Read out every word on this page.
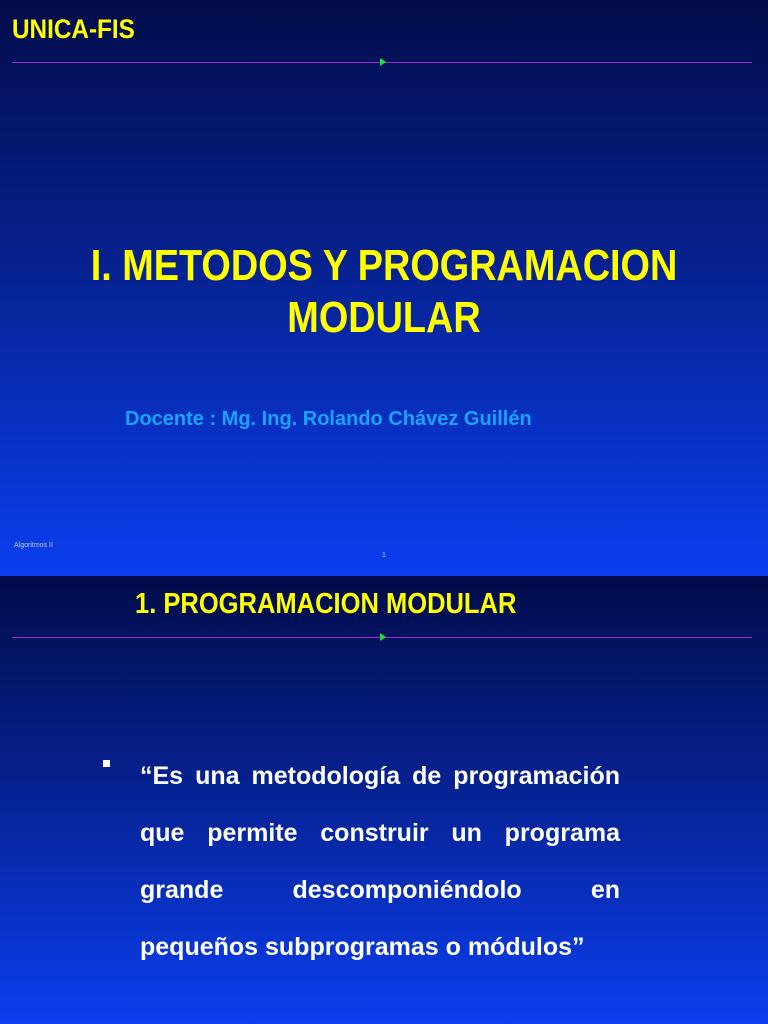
UNICA-FIS
I. METODOS Y PROGRAMACION
MODULAR

Docente : Mg. Ing. Rolando Chávez Guillén

Algoritmos II
1
1. PROGRAMACION MODULAR

“Es una metodología de programación
que permite construir un programa
grande descomponiéndolo en
pequeños subprogramas o módulos”
